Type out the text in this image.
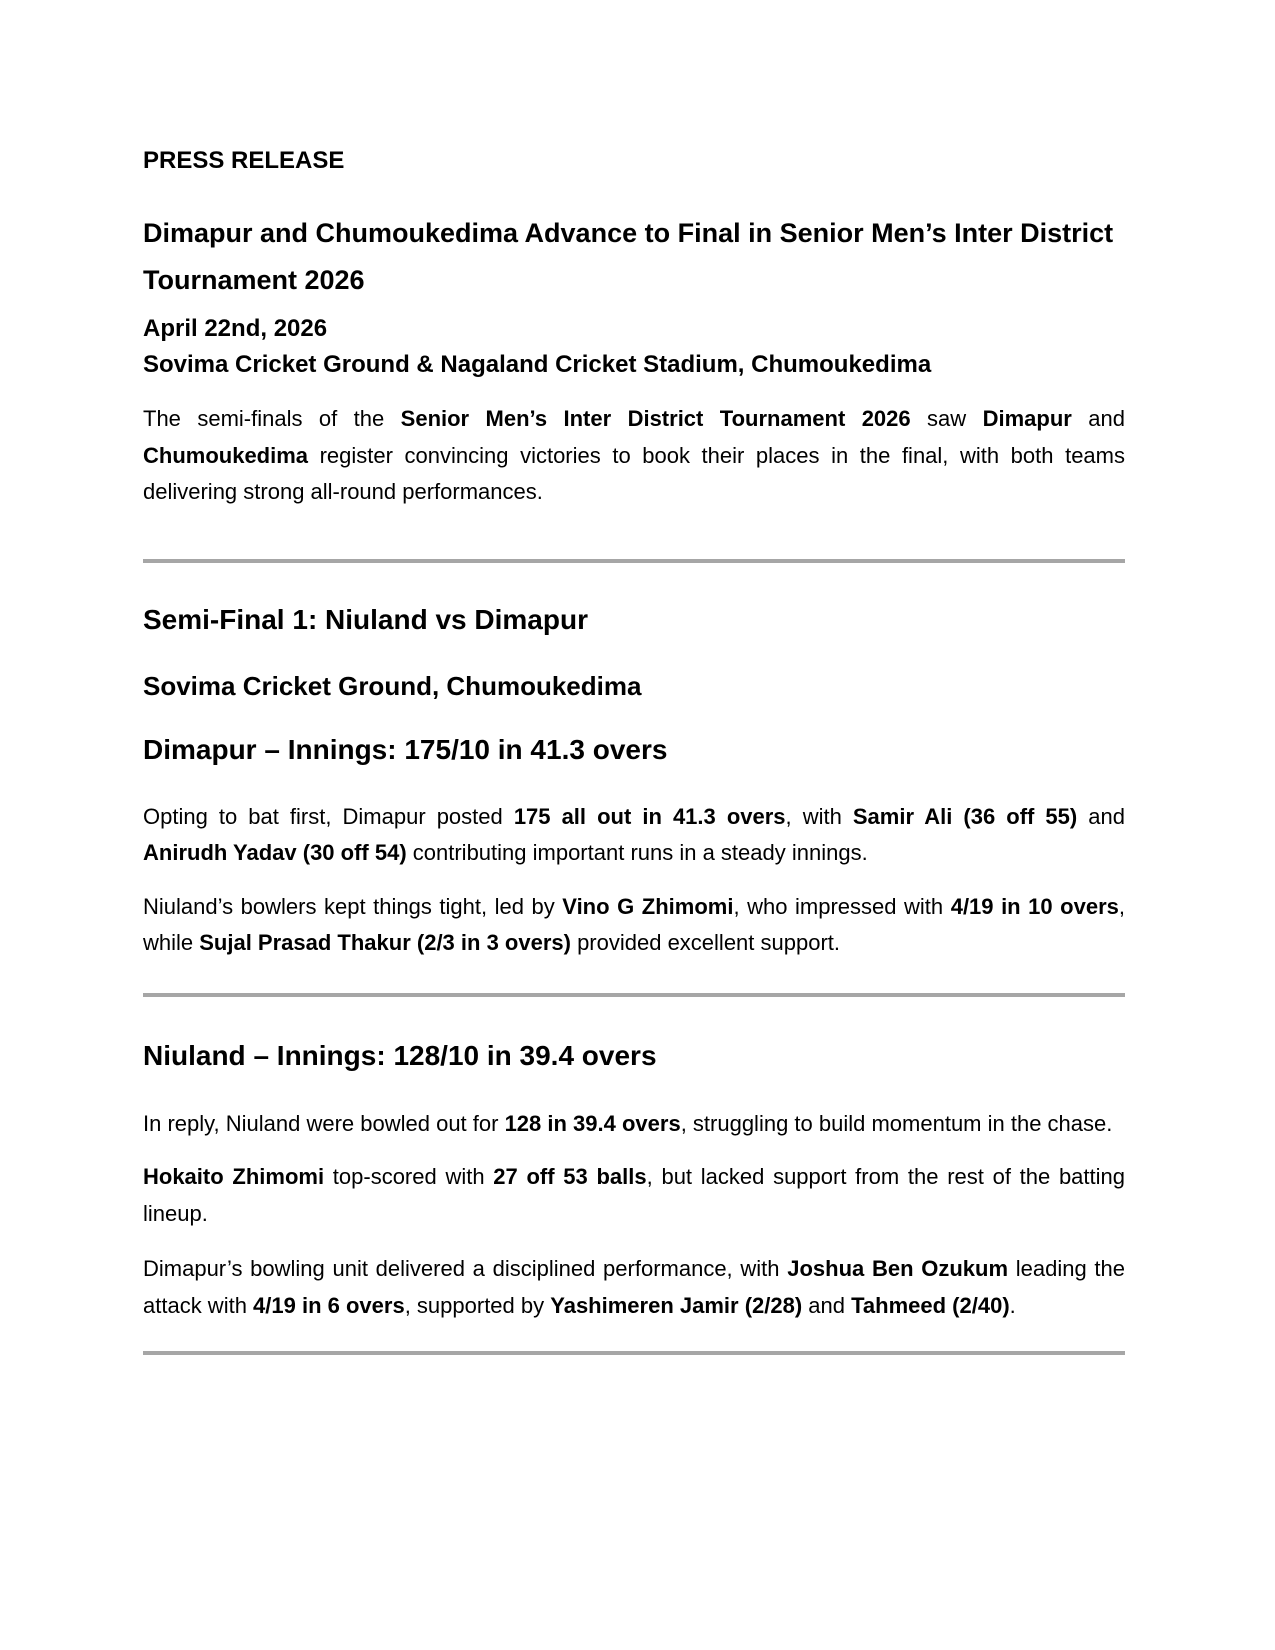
PRESS RELEASE

Dimapur and Chumoukedima Advance to Final in Senior Men’s Inter District Tournament 2026
April 22nd, 2026
Sovima Cricket Ground & Nagaland Cricket Stadium, Chumoukedima

The semi-finals of the Senior Men’s Inter District Tournament 2026 saw Dimapur and Chumoukedima register convincing victories to book their places in the final, with both teams delivering strong all-round performances.

Semi-Final 1: Niuland vs Dimapur
Sovima Cricket Ground, Chumoukedima
Dimapur – Innings: 175/10 in 41.3 overs

Opting to bat first, Dimapur posted 175 all out in 41.3 overs, with Samir Ali (36 off 55) and Anirudh Yadav (30 off 54) contributing important runs in a steady innings.

Niuland’s bowlers kept things tight, led by Vino G Zhimomi, who impressed with 4/19 in 10 overs, while Sujal Prasad Thakur (2/3 in 3 overs) provided excellent support.

Niuland – Innings: 128/10 in 39.4 overs

In reply, Niuland were bowled out for 128 in 39.4 overs, struggling to build momentum in the chase.

Hokaito Zhimomi top-scored with 27 off 53 balls, but lacked support from the rest of the batting lineup.

Dimapur’s bowling unit delivered a disciplined performance, with Joshua Ben Ozukum leading the attack with 4/19 in 6 overs, supported by Yashimeren Jamir (2/28) and Tahmeed (2/40).
